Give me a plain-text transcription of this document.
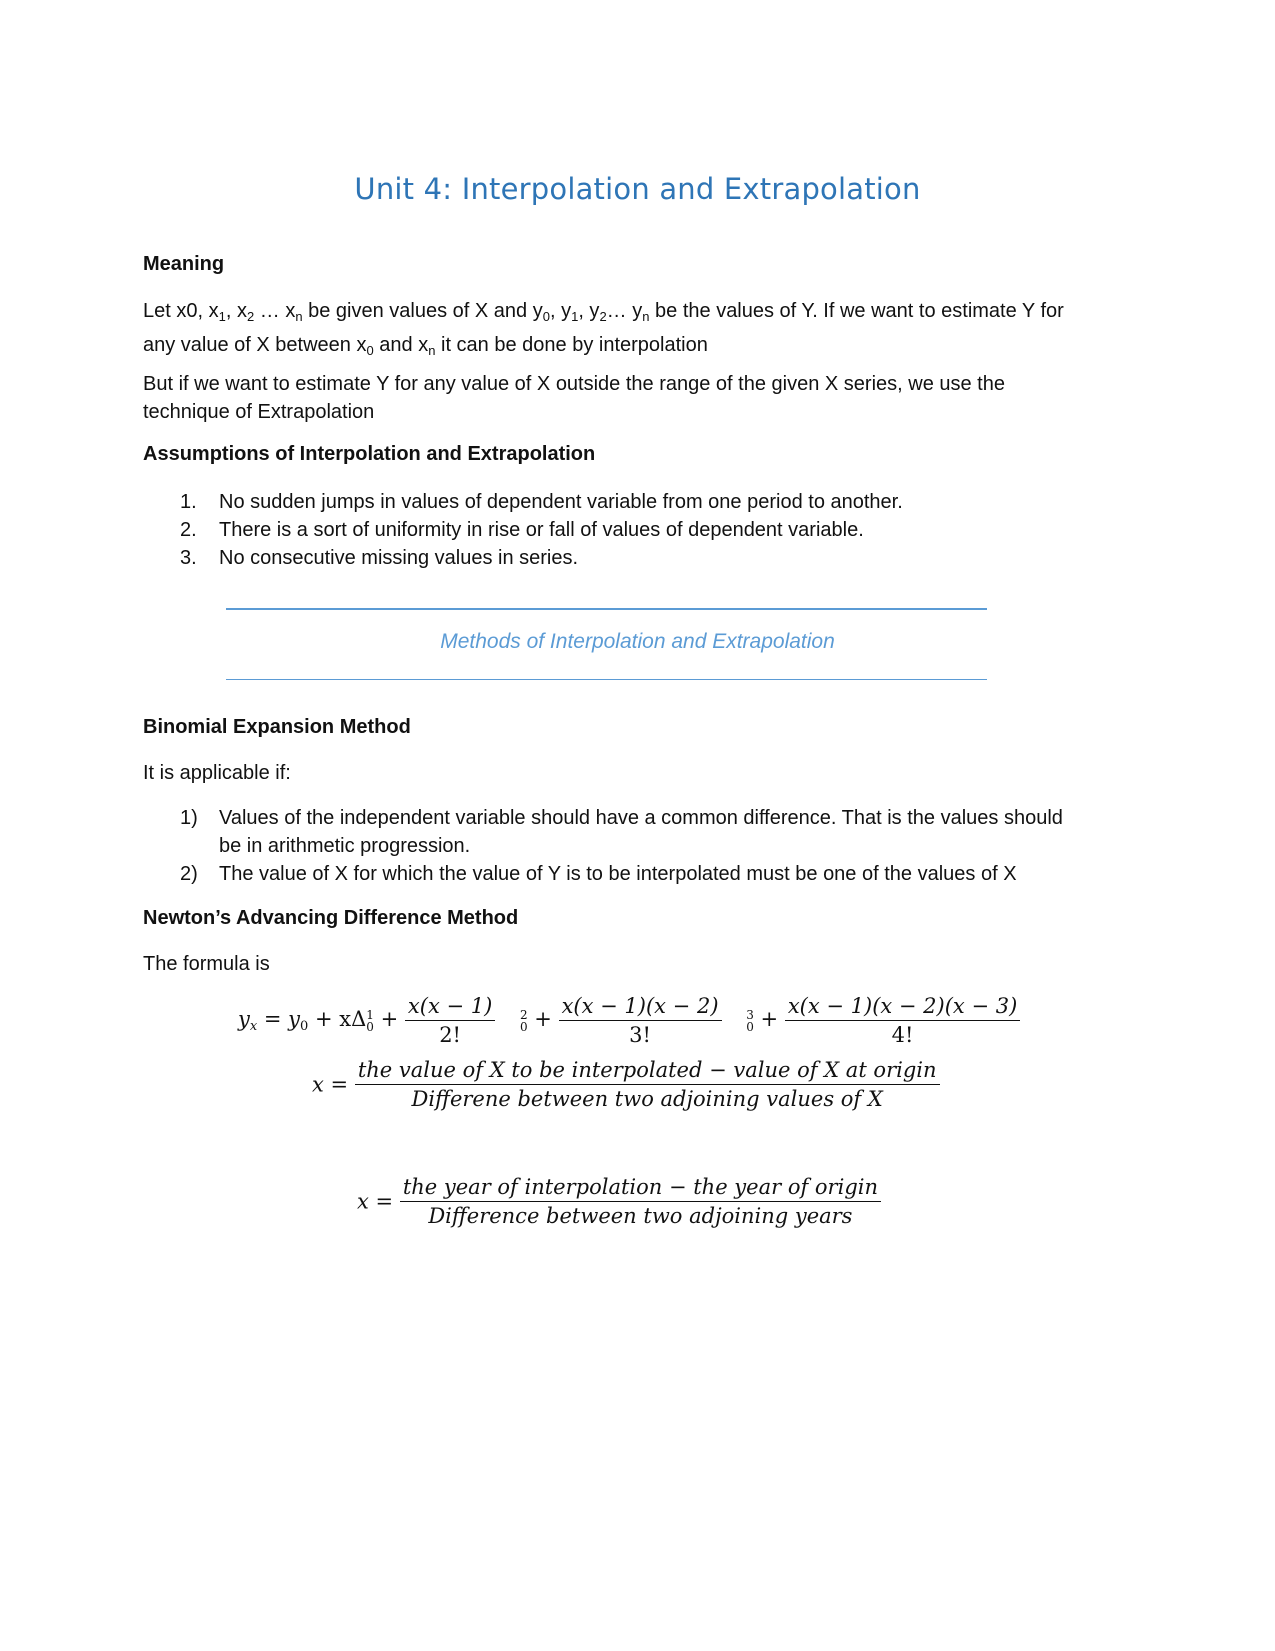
Unit 4: Interpolation and Extrapolation
Meaning
Let x0, $x_1$, $x_2$ … $x_n$ be given values of X and $y_0$, $y_1$, $y_2\dots$ $y_n$ be the values of Y. If we want to estimate Y for
any value of X between $x_0$ and $x_n$ it can be done by interpolation
But if we want to estimate Y for any value of X outside the range of the given X series, we use the
technique of Extrapolation
Assumptions of Interpolation and Extrapolation
1. No sudden jumps in values of dependent variable from one period to another.
2. There is a sort of uniformity in rise or fall of values of dependent variable.
3. No consecutive missing values in series.
Methods of Interpolation and Extrapolation
Binomial Expansion Method
It is applicable if:
1) Values of the independent variable should have a common difference. That is the values should
be in arithmetic progression.
2) The value of X for which the value of Y is to be interpolated must be one of the values of X
Newton’s Advancing Difference Method
The formula is
$y_x = y_0 + x\Delta$ 1
$0 + \frac{x(x - 1)}{2!}$
2
$0 + \frac{x(x - 1)(x - 2)}{3!}$
3
$0 + \frac{x(x - 1)(x - 2)(x - 3)}{4!}$
$x = \frac{\text{the value of X to be interpolated − value of X at origin}}{\text{Differene between two adjoining values of X}}$
$x = \frac{\text{the year of interpolation − the year of origin}}{\text{Difference between two adjoining years}}$
